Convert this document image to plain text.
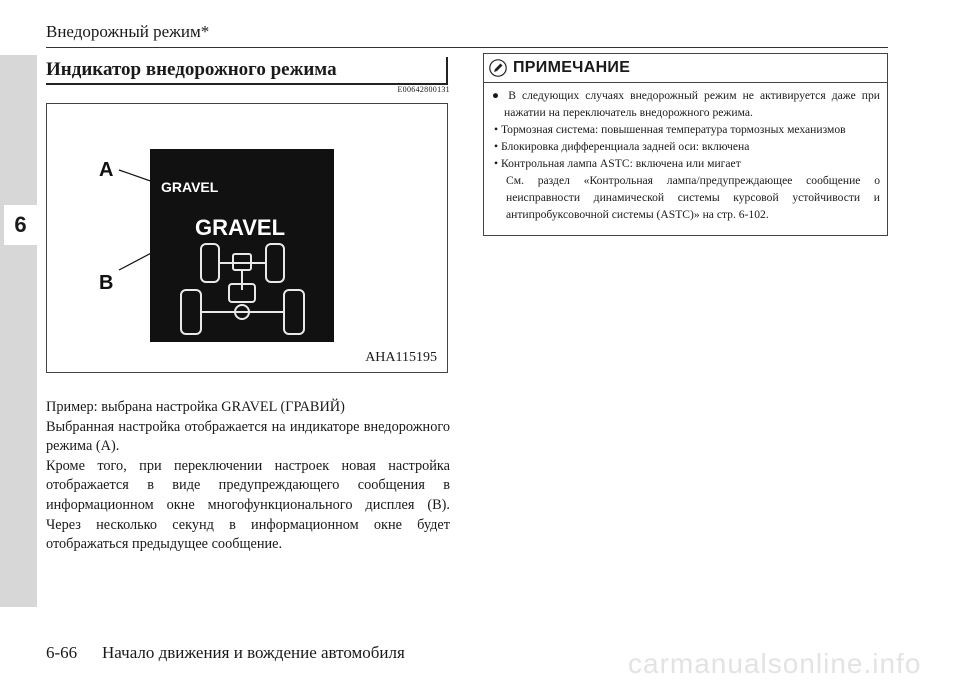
6
Внедорожный режим*
Индикатор внедорожного режима
E00642800131
A
B
GRAVEL
GRAVEL
AHA115195

Пример: выбрана настройка GRAVEL (ГРАВИЙ)

Выбранная настройка отображается на индикаторе внедорожного режима (A).

Кроме того, при переключении настроек новая настройка отображается в виде предупреждающего сообщения в информационном окне многофункционального дисплея (B). Через несколько секунд в информационном окне будет отображаться предыдущее сообщение.

ПРИМЕЧАНИЕ

● В следующих случаях внедорожный режим не активируется даже при нажатии на переключатель внедорожного режима.

• Тормозная система: повышенная температура тормозных механизмов

• Блокировка дифференциала задней оси: включена

• Контрольная лампа ASTC: включена или мигает

См. раздел «Контрольная лампа/предупреждающее сообщение о неисправности динамической системы курсовой устойчивости и антипробуксовочной системы (ASTC)» на стр. 6-102.

6-66 Начало движения и вождение автомобиля	carmanualsonline.info
